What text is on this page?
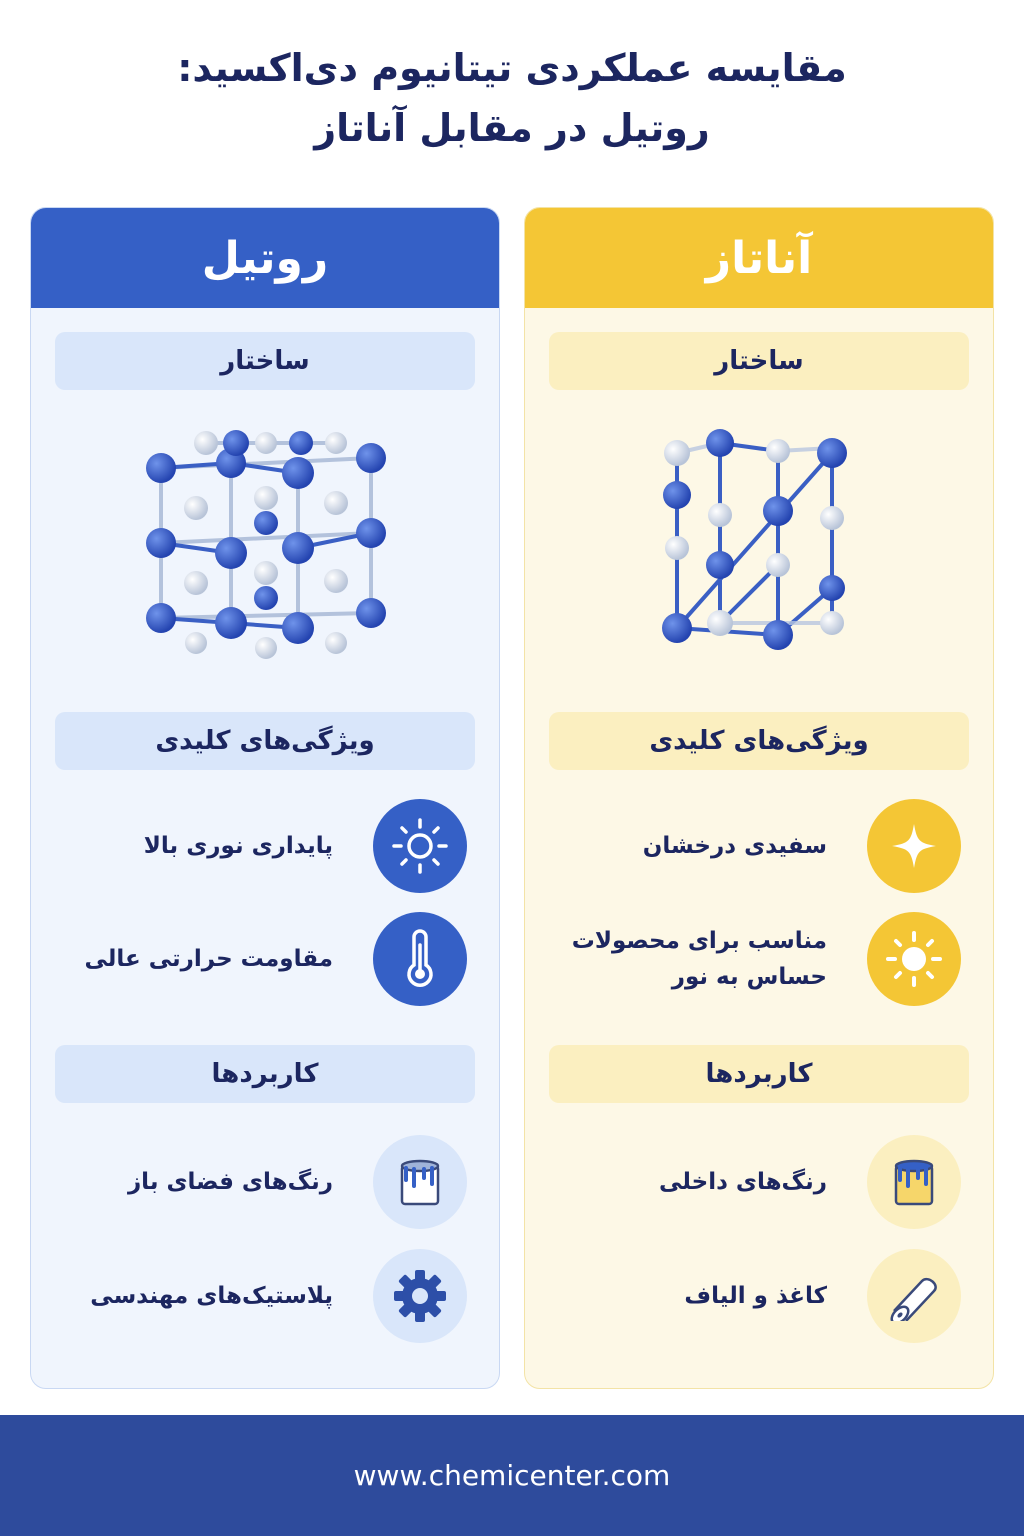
مقایسه عملکردی تیتانیوم دی‌اکسید:
روتیل در مقابل آناتاز
آناتاز
ساختار
ویژگی‌های کلیدی
سفیدی درخشان
مناسب برای محصولات
حساس به نور
کاربردها
رنگ‌های داخلی
کاغذ و الیاف
روتیل
ساختار
ویژگی‌های کلیدی
پایداری نوری بالا
مقاومت حرارتی عالی
کاربردها
رنگ‌های فضای باز
پلاستیک‌های مهندسی
www.chemicenter.com
